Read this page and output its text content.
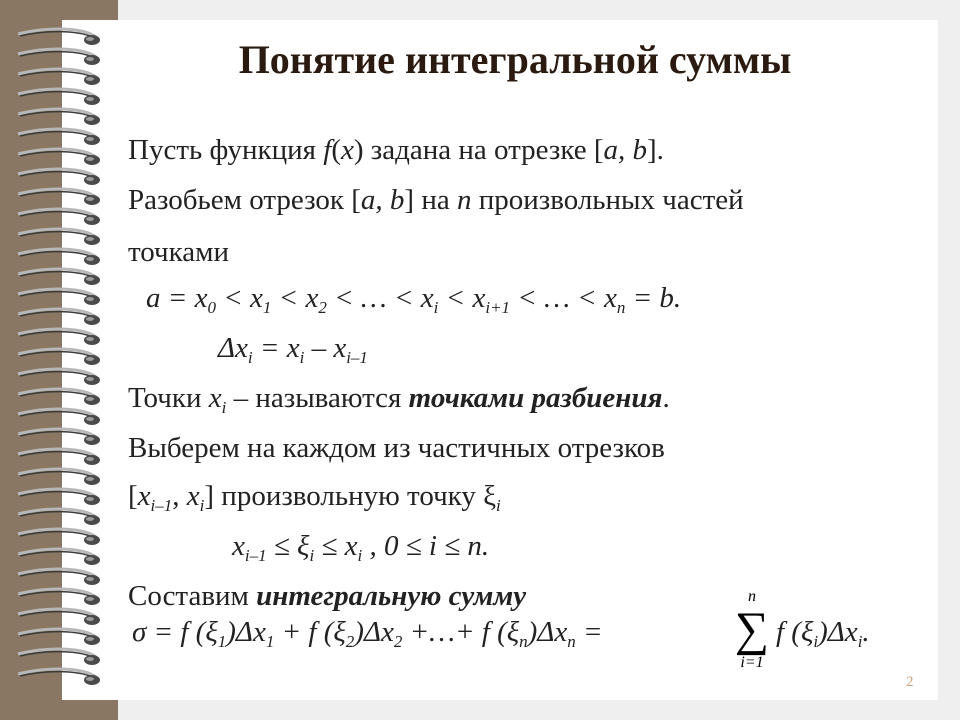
Понятие интегральной суммы
Пусть функция f(x) задана на отрезке [a, b].
Разобьем отрезок [a, b] на n произвольных частей
точками
$a = x_0 < x_1 < x_2$ < … < $x_i < x_{i+1}$ < … < $x_n = b$.
$\Delta x_i = x_i - x_{i-1}$
Точки $x_i$ – называются точками разбиения.
Выберем на каждом из частичных отрезков
[$x_{i-1}$, $x_i$] произвольную точку $\xi_i$
$x_{i-1} \le \xi_i \le x_i$ , 0 ≤ i ≤ n.
Составим интегральную сумму
σ = f $(\xi_1)\Delta x_1 + f$ $(\xi_2)\Delta x_2$ +…+ f $(\xi_n)\Delta x_n$ =
n
∑
i=1
f $(\xi_i)\Delta x_i$.
2
